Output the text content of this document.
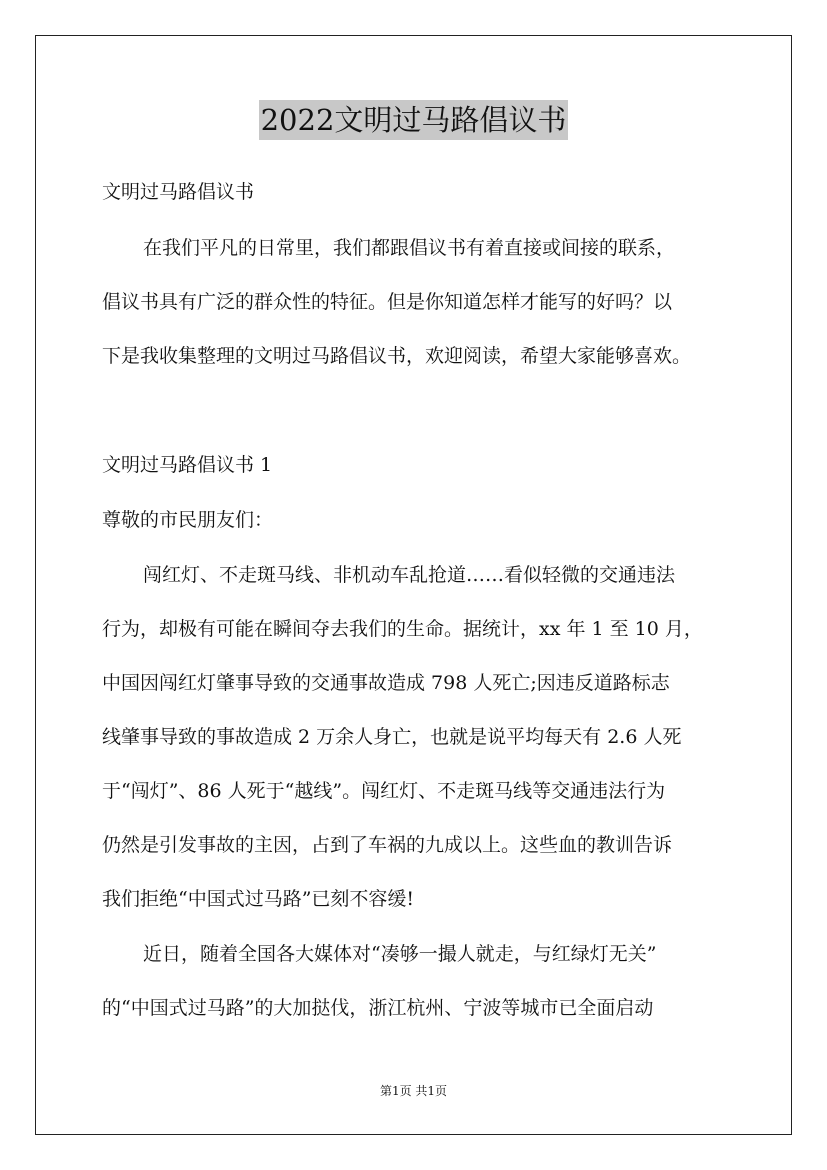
2022文明过马路倡议书
文明过马路倡议书
在我们平凡的日常里，我们都跟倡议书有着直接或间接的联系，
倡议书具有广泛的群众性的特征。但是你知道怎样才能写的好吗？以
下是我收集整理的文明过马路倡议书，欢迎阅读，希望大家能够喜欢。
文明过马路倡议书 1
尊敬的市民朋友们：
闯红灯、不走斑马线、非机动车乱抢道……看似轻微的交通违法
行为，却极有可能在瞬间夺去我们的生命。据统计，xx 年 1 至 10 月，
中国因闯红灯肇事导致的交通事故造成 798 人死亡;因违反道路标志
线肇事导致的事故造成 2 万余人身亡，也就是说平均每天有 2.6 人死
于“闯灯”、86 人死于“越线”。闯红灯、不走斑马线等交通违法行为
仍然是引发事故的主因，占到了车祸的九成以上。这些血的教训告诉
我们拒绝“中国式过马路”已刻不容缓!
近日，随着全国各大媒体对“凑够一撮人就走，与红绿灯无关”
的“中国式过马路”的大加挞伐，浙江杭州、宁波等城市已全面启动
第1页 共1页
